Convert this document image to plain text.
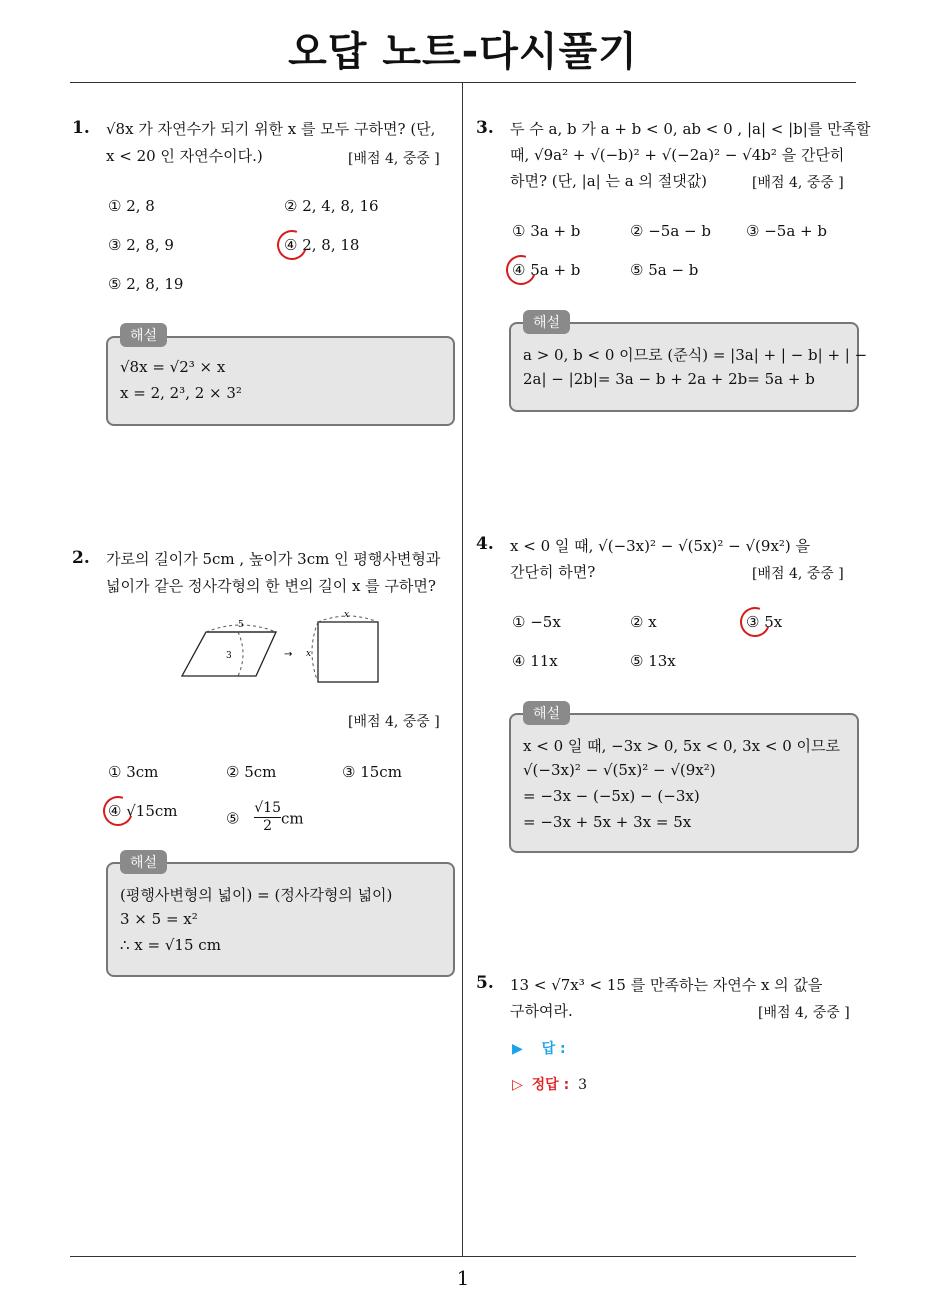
오답 노트-다시풀기
1
1. √8x 가 자연수가 되기 위한 x 를 모두 구하면? (단,
x < 20 인 자연수이다.)	[배점 4, 중중 ]
① 2, 8	② 2, 4, 8, 16
③ 2, 8, 9	④ 2, 8, 18
⑤ 2, 8, 19
√8x = √2³ × x
x = 2, 2³, 2 × 3²
해설
2. 가로의 길이가 5cm , 높이가 3cm 인 평행사변형과
넓이가 같은 정사각형의 한 변의 길이 x 를 구하면?
5
3	→
x
x
[배점 4, 중중 ]
① 3cm	② 5cm	③ 15cm
④ √15cm	⑤ $\frac{√15}{2}$ cm
(평행사변형의 넓이) = (정사각형의 넓이)
3 × 5 = x²
∴ x = √15 cm
해설
3. 두 수 a, b 가 a + b < 0, ab < 0 , |a| < |b|를 만족할
때, √9a² + √(−b)² + √(−2a)² − √4b² 을 간단히
하면? (단, |a| 는 a 의 절댓값)	[배점 4, 중중 ]
① 3a + b	② −5a − b ③ −5a + b
④ 5a + b	⑤ 5a − b
a > 0, b < 0 이므로 (준식) = |3a| + | − b| + | −
2a| − |2b|= 3a − b + 2a + 2b= 5a + b
해설
4. x < 0 일 때, √(−3x)² − √(5x)² − √(9x²) 을
간단히 하면?	[배점 4, 중중 ]
① −5x	② x	③ 5x
④ 11x	⑤ 13x
x < 0 일 때, −3x > 0, 5x < 0, 3x < 0 이므로
√(−3x)² − √(5x)² − √(9x²)
= −3x − (−5x) − (−3x)
= −3x + 5x + 3x = 5x
해설
5. 13 < √7x³ < 15 를 만족하는 자연수 x 의 값을
구하여라.	[배점 4, 중중 ]
▶ 답 :
▷ 정답 : 3
